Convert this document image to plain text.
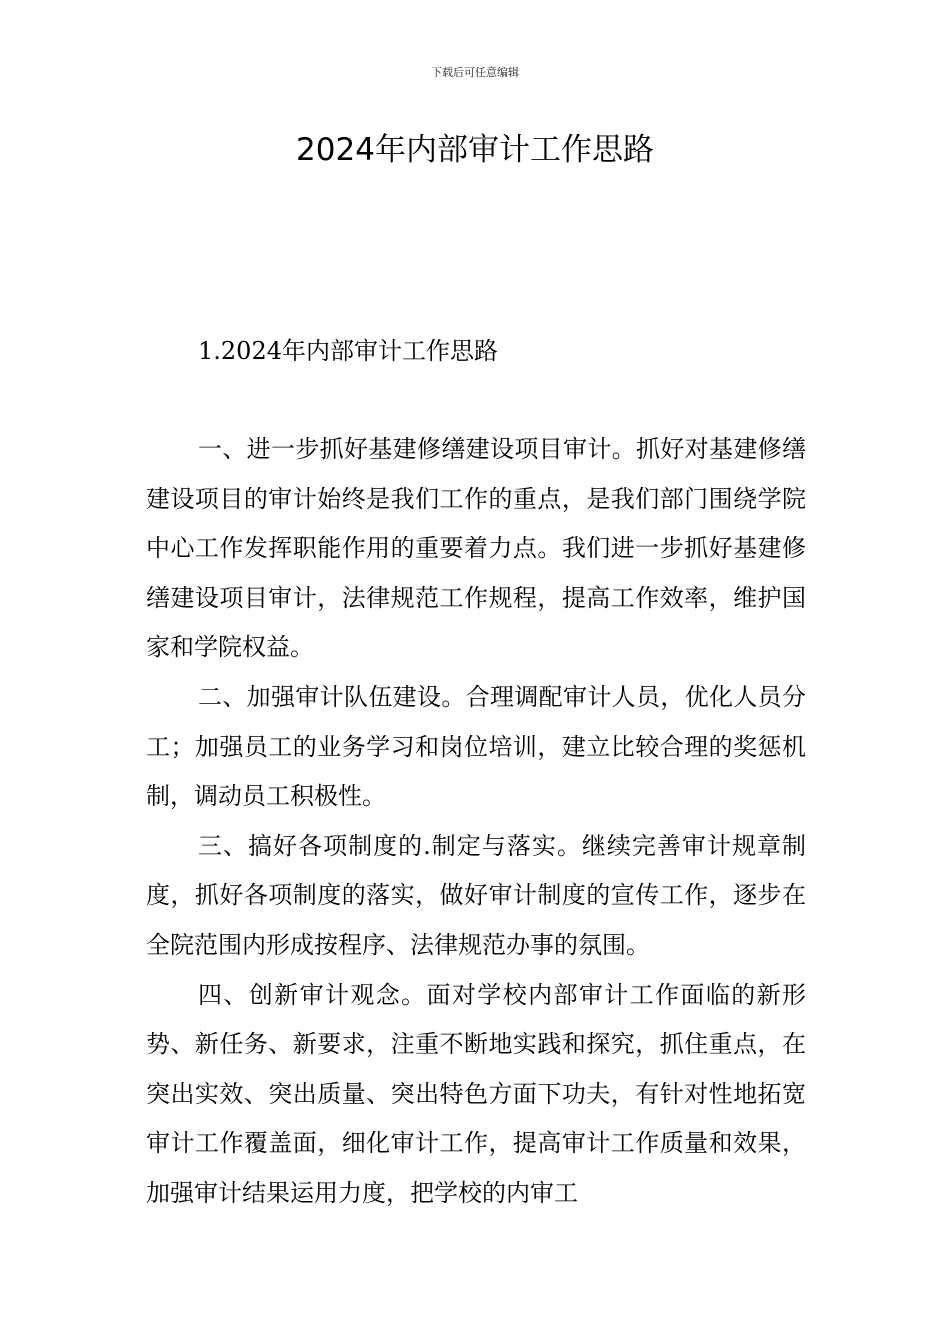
下载后可任意编辑
2024年内部审计工作思路
1.2024年内部审计工作思路

一、进一步抓好基建修缮建设项目审计。抓好对基建修缮建设项目的审计始终是我们工作的重点，是我们部门围绕学院中心工作发挥职能作用的重要着力点。我们进一步抓好基建修缮建设项目审计，法律规范工作规程，提高工作效率，维护国家和学院权益。

二、加强审计队伍建设。合理调配审计人员，优化人员分工；加强员工的业务学习和岗位培训，建立比较合理的奖惩机制，调动员工积极性。

三、搞好各项制度的.制定与落实。继续完善审计规章制度，抓好各项制度的落实，做好审计制度的宣传工作，逐步在全院范围内形成按程序、法律规范办事的氛围。

四、创新审计观念。面对学校内部审计工作面临的新形势、新任务、新要求，注重不断地实践和探究，抓住重点，在突出实效、突出质量、突出特色方面下功夫，有针对性地拓宽审计工作覆盖面，细化审计工作，提高审计工作质量和效果，加强审计结果运用力度，把学校的内审工
